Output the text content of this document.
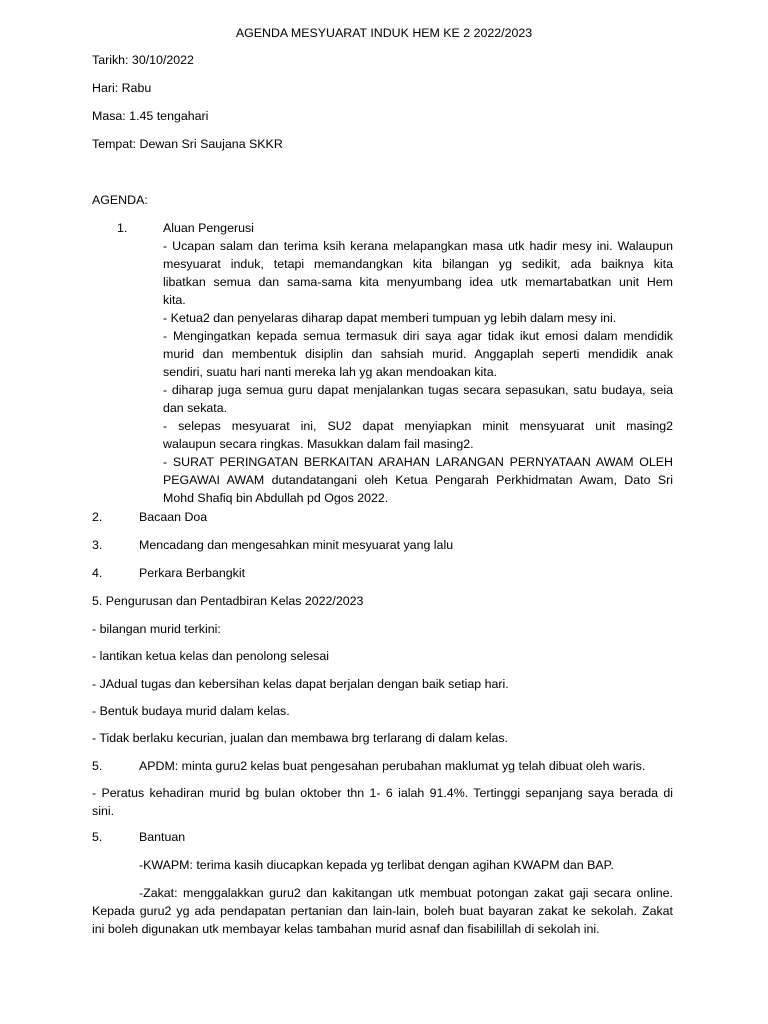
AGENDA MESYUARAT INDUK HEM KE 2 2022/2023
Tarikh: 30/10/2022
Hari: Rabu
Masa: 1.45 tengahari
Tempat: Dewan Sri Saujana SKKR
AGENDA:
1.	Aluan Pengerusi
- Ucapan salam dan terima ksih kerana melapangkan masa utk hadir mesy ini. Walaupun
mesyuarat induk, tetapi memandangkan kita bilangan yg sedikit, ada baiknya kita
libatkan semua dan sama-sama kita menyumbang idea utk memartabatkan unit Hem
kita.
- Ketua2 dan penyelaras diharap dapat memberi tumpuan yg lebih dalam mesy ini.
- Mengingatkan kepada semua termasuk diri saya agar tidak ikut emosi dalam mendidik
murid dan membentuk disiplin dan sahsiah murid. Anggaplah seperti mendidik anak
sendiri, suatu hari nanti mereka lah yg akan mendoakan kita.
- diharap juga semua guru dapat menjalankan tugas secara sepasukan, satu budaya, seia
dan sekata.
- selepas mesyuarat ini, SU2 dapat menyiapkan minit mensyuarat unit masing2
walaupun secara ringkas. Masukkan dalam fail masing2.
- SURAT PERINGATAN BERKAITAN ARAHAN LARANGAN PERNYATAAN AWAM OLEH
PEGAWAI AWAM dutandatangani oleh Ketua Pengarah Perkhidmatan Awam, Dato Sri
Mohd Shafiq bin Abdullah pd Ogos 2022.
2.	Bacaan Doa
3.	Mencadang dan mengesahkan minit mesyuarat yang lalu
4.	Perkara Berbangkit
5. Pengurusan dan Pentadbiran Kelas 2022/2023
- bilangan murid terkini:
- lantikan ketua kelas dan penolong selesai
- JAdual tugas dan kebersihan kelas dapat berjalan dengan baik setiap hari.
- Bentuk budaya murid dalam kelas.
- Tidak berlaku kecurian, jualan dan membawa brg terlarang di dalam kelas.
5.	APDM: minta guru2 kelas buat pengesahan perubahan maklumat yg telah dibuat oleh waris.
- Peratus kehadiran murid bg bulan oktober thn 1- 6 ialah 91.4%. Tertinggi sepanjang saya berada di
sini.
5.	Bantuan
-KWAPM: terima kasih diucapkan kepada yg terlibat dengan agihan KWAPM dan BAP.
-Zakat: menggalakkan guru2 dan kakitangan utk membuat potongan zakat gaji secara online.
Kepada guru2 yg ada pendapatan pertanian dan lain-lain, boleh buat bayaran zakat ke sekolah. Zakat
ini boleh digunakan utk membayar kelas tambahan murid asnaf dan fisabilillah di sekolah ini.
